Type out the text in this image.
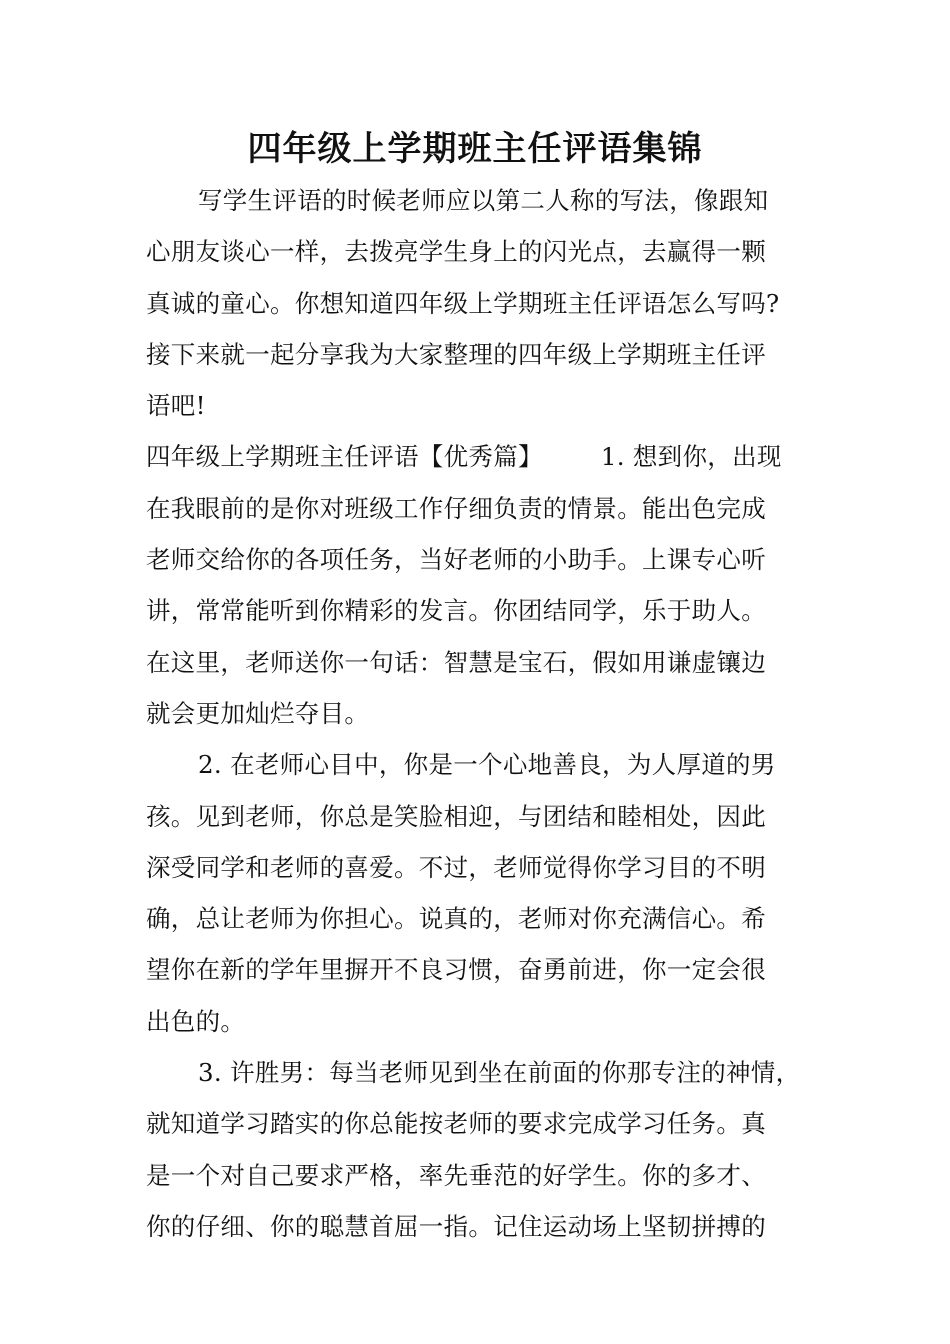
四年级上学期班主任评语集锦
写学生评语的时候老师应以第二人称的写法，像跟知
心朋友谈心一样，去拨亮学生身上的闪光点，去赢得一颗
真诚的童心。你想知道四年级上学期班主任评语怎么写吗?
接下来就一起分享我为大家整理的四年级上学期班主任评
语吧!
四年级上学期班主任评语【优秀篇】 1. 想到你，出现
在我眼前的是你对班级工作仔细负责的情景。能出色完成
老师交给你的各项任务，当好老师的小助手。上课专心听
讲，常常能听到你精彩的发言。你团结同学，乐于助人。
在这里，老师送你一句话：智慧是宝石，假如用谦虚镶边
就会更加灿烂夺目。
2. 在老师心目中，你是一个心地善良，为人厚道的男
孩。见到老师，你总是笑脸相迎，与团结和睦相处，因此
深受同学和老师的喜爱。不过，老师觉得你学习目的不明
确，总让老师为你担心。说真的，老师对你充满信心。希
望你在新的学年里摒开不良习惯，奋勇前进，你一定会很
出色的。
3. 许胜男：每当老师见到坐在前面的你那专注的神情，
就知道学习踏实的你总能按老师的要求完成学习任务。真
是一个对自己要求严格，率先垂范的好学生。你的多才、
你的仔细、你的聪慧首屈一指。记住运动场上坚韧拼搏的
